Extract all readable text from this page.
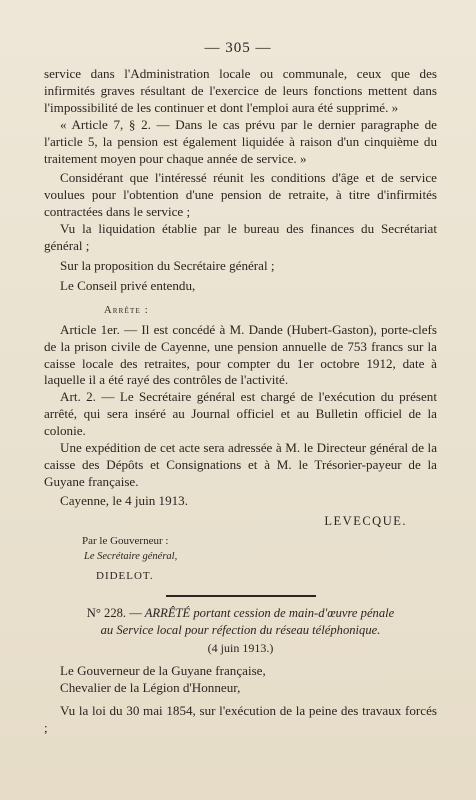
— 305 —

service dans l'Administration locale ou communale, ceux que des infirmités graves résultant de l'exercice de leurs fonctions mettent dans l'impossibilité de les continuer et dont l'emploi aura été supprimé. »

« Article 7, § 2. — Dans le cas prévu par le dernier paragraphe de l'article 5, la pension est également liquidée à raison d'un cinquième du traitement moyen pour chaque année de service. »

Considérant que l'intéressé réunit les conditions d'âge et de service voulues pour l'obtention d'une pension de retraite, à titre d'infirmités contractées dans le service ;

Vu la liquidation établie par le bureau des finances du Secrétariat général ;

Sur la proposition du Secrétaire général ;

Le Conseil privé entendu,

Arrête :

Article 1er. — Il est concédé à M. Dande (Hubert-Gaston), porte-clefs de la prison civile de Cayenne, une pension annuelle de 753 francs sur la caisse locale des retraites, pour compter du 1er octobre 1912, date à laquelle il a été rayé des contrôles de l'activité.

Art. 2. — Le Secrétaire général est chargé de l'exécution du présent arrêté, qui sera inséré au Journal officiel et au Bulletin officiel de la colonie.

Une expédition de cet acte sera adressée à M. le Directeur général de la caisse des Dépôts et Consignations et à M. le Trésorier-payeur de la Guyane française.

Cayenne, le 4 juin 1913.

LEVECQUE.

Par le Gouverneur :

Le Secrétaire général,

DIDELOT.

N° 228. — ARRÊTÉ portant cession de main-d'œuvre pénale

au Service local pour réfection du réseau téléphonique.

(4 juin 1913.)

Le Gouverneur de la Guyane française,

Chevalier de la Légion d'Honneur,

Vu la loi du 30 mai 1854, sur l'exécution de la peine des travaux forcés ;
